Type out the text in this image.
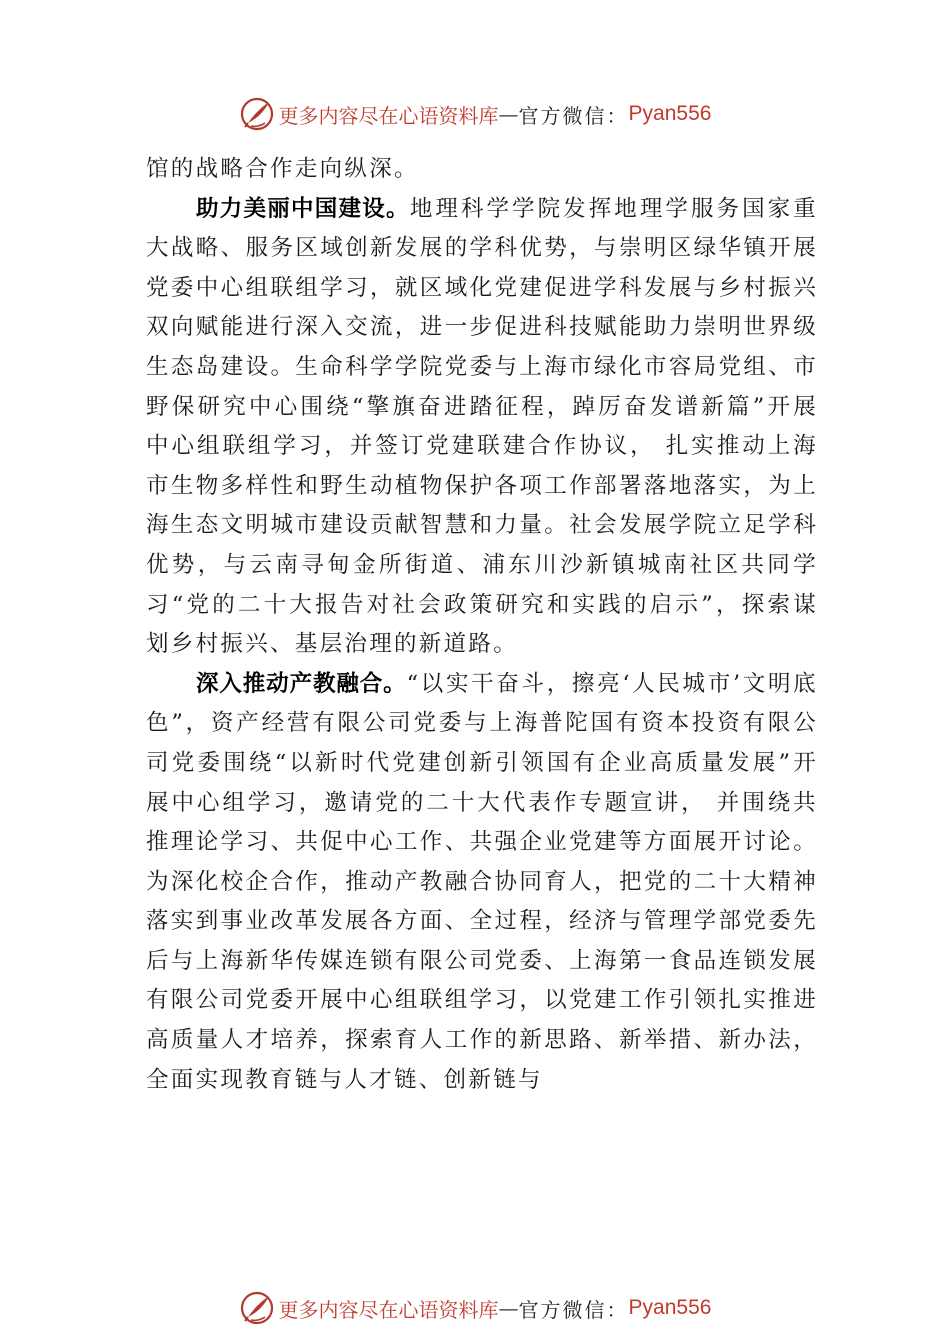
更多内容尽在心语资料库 — 官方微信： Pyan556

馆的战略合作走向纵深。

助力美丽中国建设。地理科学学院发挥地理学服务国家重大战略、服务区域创新发展的学科优势，与崇明区绿华镇开展党委中心组联组学习，就区域化党建促进学科发展与乡村振兴双向赋能进行深入交流，进一步促进科技赋能助力崇明世界级生态岛建设。生命科学学院党委与上海市绿化市容局党组、市野保研究中心围绕“擎旗奋进踏征程，踔厉奋发谱新篇”开展中心组联组学习，并签订党建联建合作协议， 扎实推动上海市生物多样性和野生动植物保护各项工作部署落地落实，为上海生态文明城市建设贡献智慧和力量。社会发展学院立足学科优势，与云南寻甸金所街道、浦东川沙新镇城南社区共同学习“党的二十大报告对社会政策研究和实践的启示”，探索谋划乡村振兴、基层治理的新道路。

深入推动产教融合。“以实干奋斗，擦亮‘人民城市’文明底色”，资产经营有限公司党委与上海普陀国有资本投资有限公司党委围绕“以新时代党建创新引领国有企业高质量发展”开展中心组学习，邀请党的二十大代表作专题宣讲， 并围绕共推理论学习、共促中心工作、共强企业党建等方面展开讨论。为深化校企合作，推动产教融合协同育人，把党的二十大精神落实到事业改革发展各方面、全过程，经济与管理学部党委先后与上海新华传媒连锁有限公司党委、上海第一食品连锁发展有限公司党委开展中心组联组学习，以党建工作引领扎实推进高质量人才培养，探索育人工作的新思路、新举措、新办法，全面实现教育链与人才链、创新链与

更多内容尽在心语资料库 — 官方微信： Pyan556
